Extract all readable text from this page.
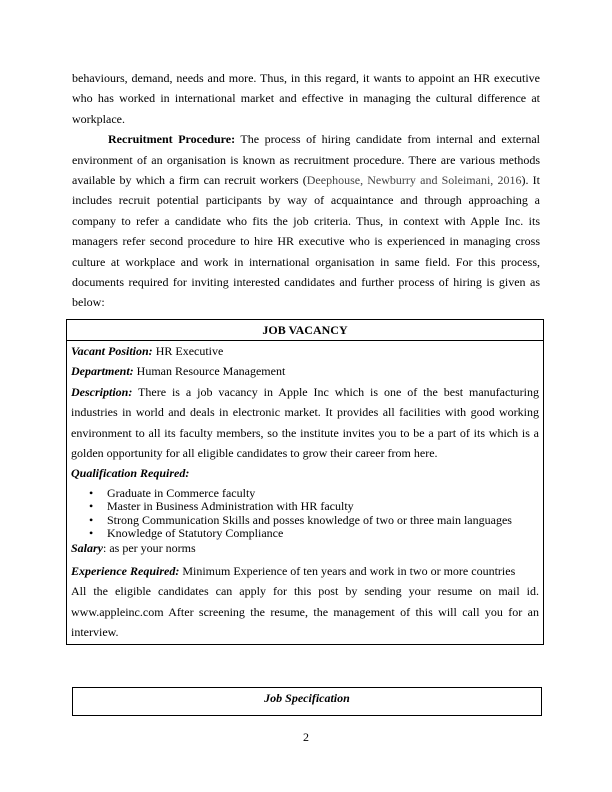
behaviours, demand, needs and more. Thus, in this regard, it wants to appoint an HR executive who has worked in international market and effective in managing the cultural difference at workplace.

Recruitment Procedure: The process of hiring candidate from internal and external environment of an organisation is known as recruitment procedure. There are various methods available by which a firm can recruit workers (Deephouse, Newburry and Soleimani, 2016). It includes recruit potential participants by way of acquaintance and through approaching a company to refer a candidate who fits the job criteria. Thus, in context with Apple Inc. its managers refer second procedure to hire HR executive who is experienced in managing cross culture at workplace and work in international organisation in same field. For this process, documents required for inviting interested candidates and further process of hiring is given as below:

JOB VACANCY

Vacant Position: HR Executive

Department: Human Resource Management

Description: There is a job vacancy in Apple Inc which is one of the best manufacturing industries in world and deals in electronic market. It provides all facilities with good working environment to all its faculty members, so the institute invites you to be a part of its which is a golden opportunity for all eligible candidates to grow their career from here.

Qualification Required:

• Graduate in Commerce faculty
• Master in Business Administration with HR faculty
• Strong Communication Skills and posses knowledge of two or three main languages
• Knowledge of Statutory Compliance

Salary: as per your norms

Experience Required: Minimum Experience of ten years and work in two or more countries

All the eligible candidates can apply for this post by sending your resume on mail id. www.appleinc.com After screening the resume, the management of this will call you for an interview.

Job Specification
2
